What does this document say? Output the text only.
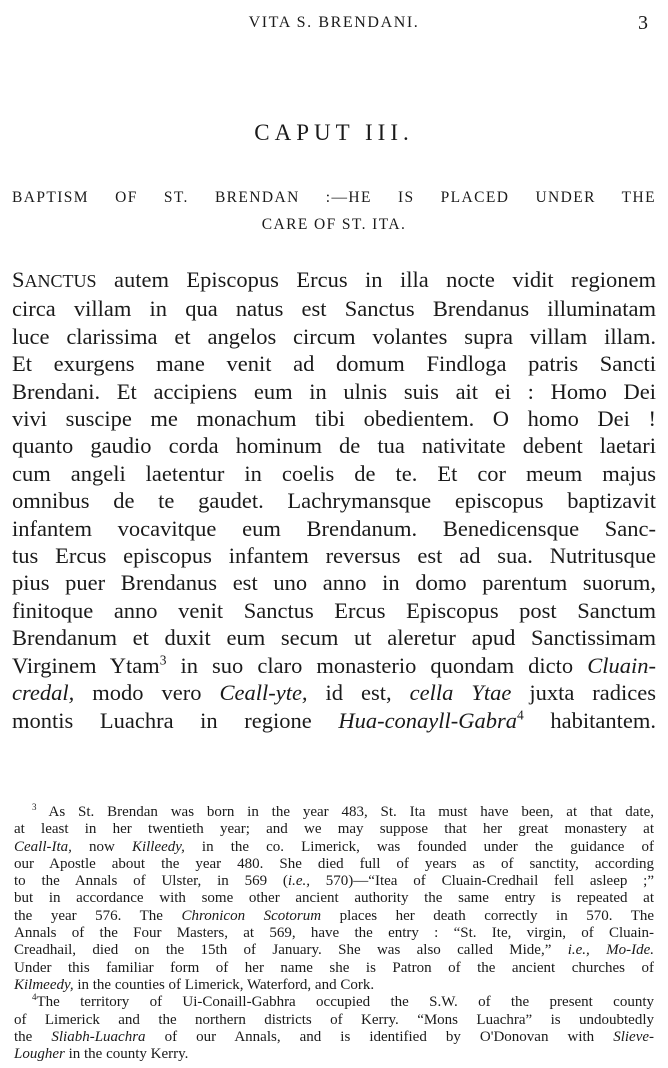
VITA S. BRENDANI.	3
CAPUT III.
BAPTISM OF ST. BRENDAN :—HE IS PLACED UNDER THE
CARE OF ST. ITA.
SANCTUS autem Episcopus Ercus in illa nocte vidit regionem
circa villam in qua natus est Sanctus Brendanus illuminatam
luce clarissima et angelos circum volantes supra villam illam.
Et exurgens mane venit ad domum Findloga patris Sancti
Brendani. Et accipiens eum in ulnis suis ait ei : Homo Dei
vivi suscipe me monachum tibi obedientem. O homo Dei !
quanto gaudio corda hominum de tua nativitate debent laetari
cum angeli laetentur in coelis de te. Et cor meum majus
omnibus de te gaudet. Lachrymansque episcopus baptizavit
infantem vocavitque eum Brendanum. Benedicensque Sanc-
tus Ercus episcopus infantem reversus est ad sua. Nutritusque
pius puer Brendanus est uno anno in domo parentum suorum,
finitoque anno venit Sanctus Ercus Episcopus post Sanctum
Brendanum et duxit eum secum ut aleretur apud Sanctissimam
Virginem Ytam$^3$ in suo claro monasterio quondam dicto Cluain-
credal, modo vero Ceall-yte, id est, cella Ytae juxta radices
montis Luachra in regione Hua-conayll-Gabra$^4$ habitantem.
$^3$ As St. Brendan was born in the year 483, St. Ita must have been, at that date,
at least in her twentieth year; and we may suppose that her great monastery at
Ceall-Ita, now Killeedy, in the co. Limerick, was founded under the guidance of
our Apostle about the year 480. She died full of years as of sanctity, according
to the Annals of Ulster, in 569 (i.e., 570)—“Itea of Cluain-Credhail fell asleep ;”
but in accordance with some other ancient authority the same entry is repeated at
the year 576. The Chronicon Scotorum places her death correctly in 570. The
Annals of the Four Masters, at 569, have the entry : “St. Ite, virgin, of Cluain-
Creadhail, died on the 15th of January. She was also called Mide,” i.e., Mo-Ide.
Under this familiar form of her name she is Patron of the ancient churches of
Kilmeedy, in the counties of Limerick, Waterford, and Cork.
$^4$The territory of Ui-Conaill-Gabhra occupied the S.W. of the present county
of Limerick and the northern districts of Kerry. “Mons Luachra” is undoubtedly
the Sliabh-Luachra of our Annals, and is identified by O'Donovan with Slieve-
Lougher in the county Kerry.
